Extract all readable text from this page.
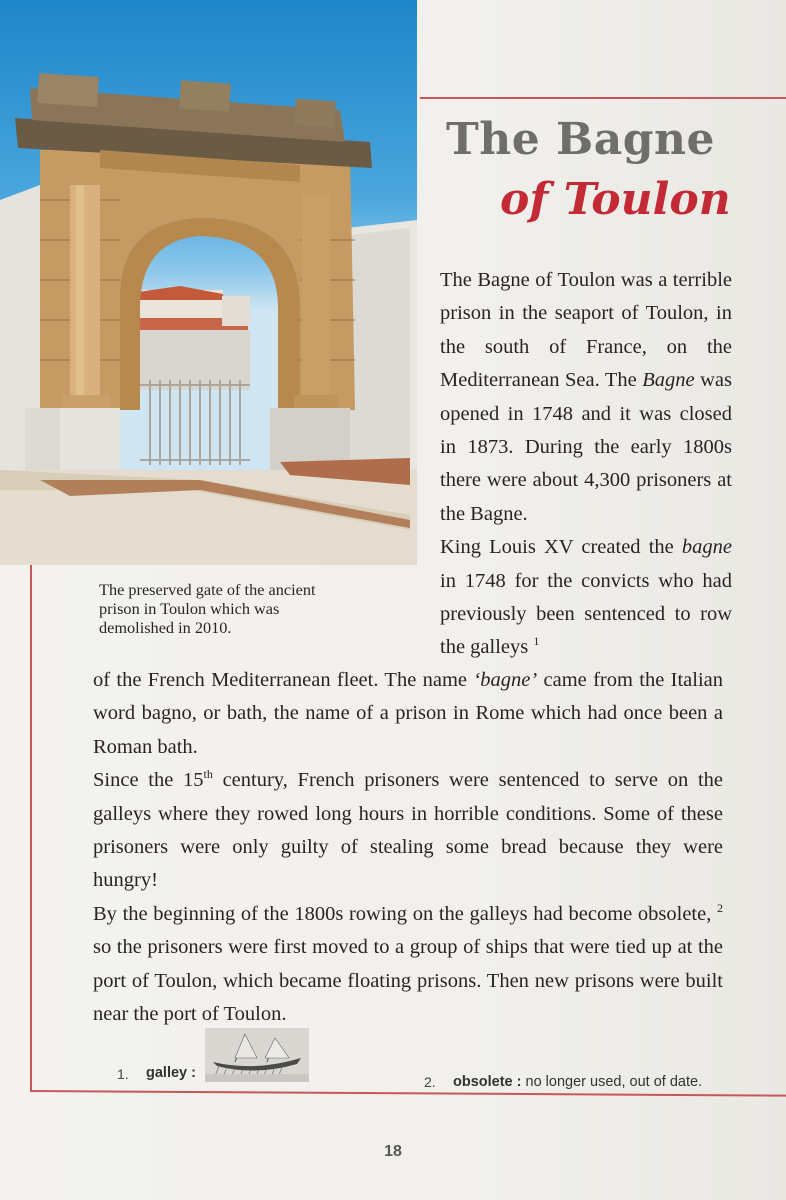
The Bagne
of Toulon
The preserved gate of the ancient
prison in Toulon which was
demolished in 2010.

The Bagne of Toulon was a terrible prison in the seaport of Toulon, in the south of France, on the Mediterranean Sea. The Bagne was opened in 1748 and it was closed in 1873. During the early 1800s there were about 4,300 prisoners at the Bagne.

King Louis XV created the bagne in 1748 for the convicts who had previously been sentenced to row the galleys $^1$

of the French Mediterranean fleet. The name ‘bagne’ came from the Italian word bagno, or bath, the name of a prison in Rome which had once been a Roman bath.

Since the 15th century, French prisoners were sentenced to serve on the galleys where they rowed long hours in horrible conditions. Some of these prisoners were only guilty of stealing some bread because they were hungry!

By the beginning of the 1800s rowing on the galleys had become obsolete, $^2$ so the prisoners were first moved to a group of ships that were tied up at the port of Toulon, which became floating prisons. Then new prisons were built near the port of Toulon.

1. galley :
2. obsolete : no longer used, out of date.
18
